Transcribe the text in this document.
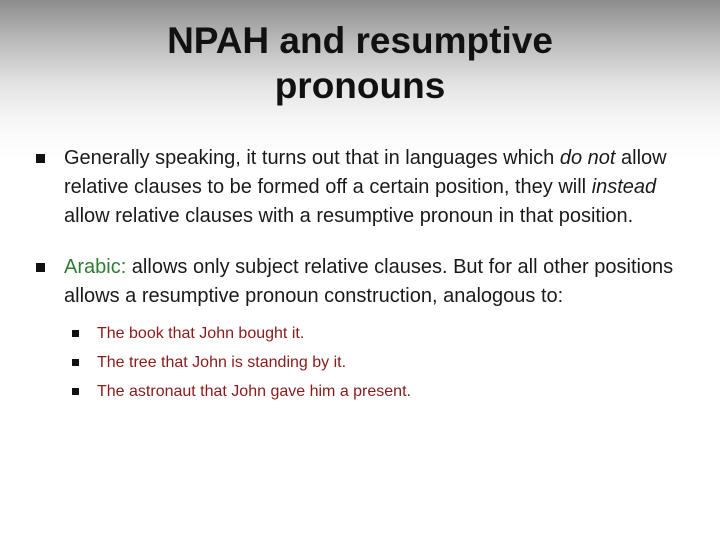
NPAH and resumptive
pronouns
Generally speaking, it turns out that in languages which do not allow relative clauses to be formed off a certain position, they will instead allow relative clauses with a resumptive pronoun in that position.
Arabic: allows only subject relative clauses. But for all other positions allows a resumptive pronoun construction, analogous to:
The book that John bought it.
The tree that John is standing by it.
The astronaut that John gave him a present.
